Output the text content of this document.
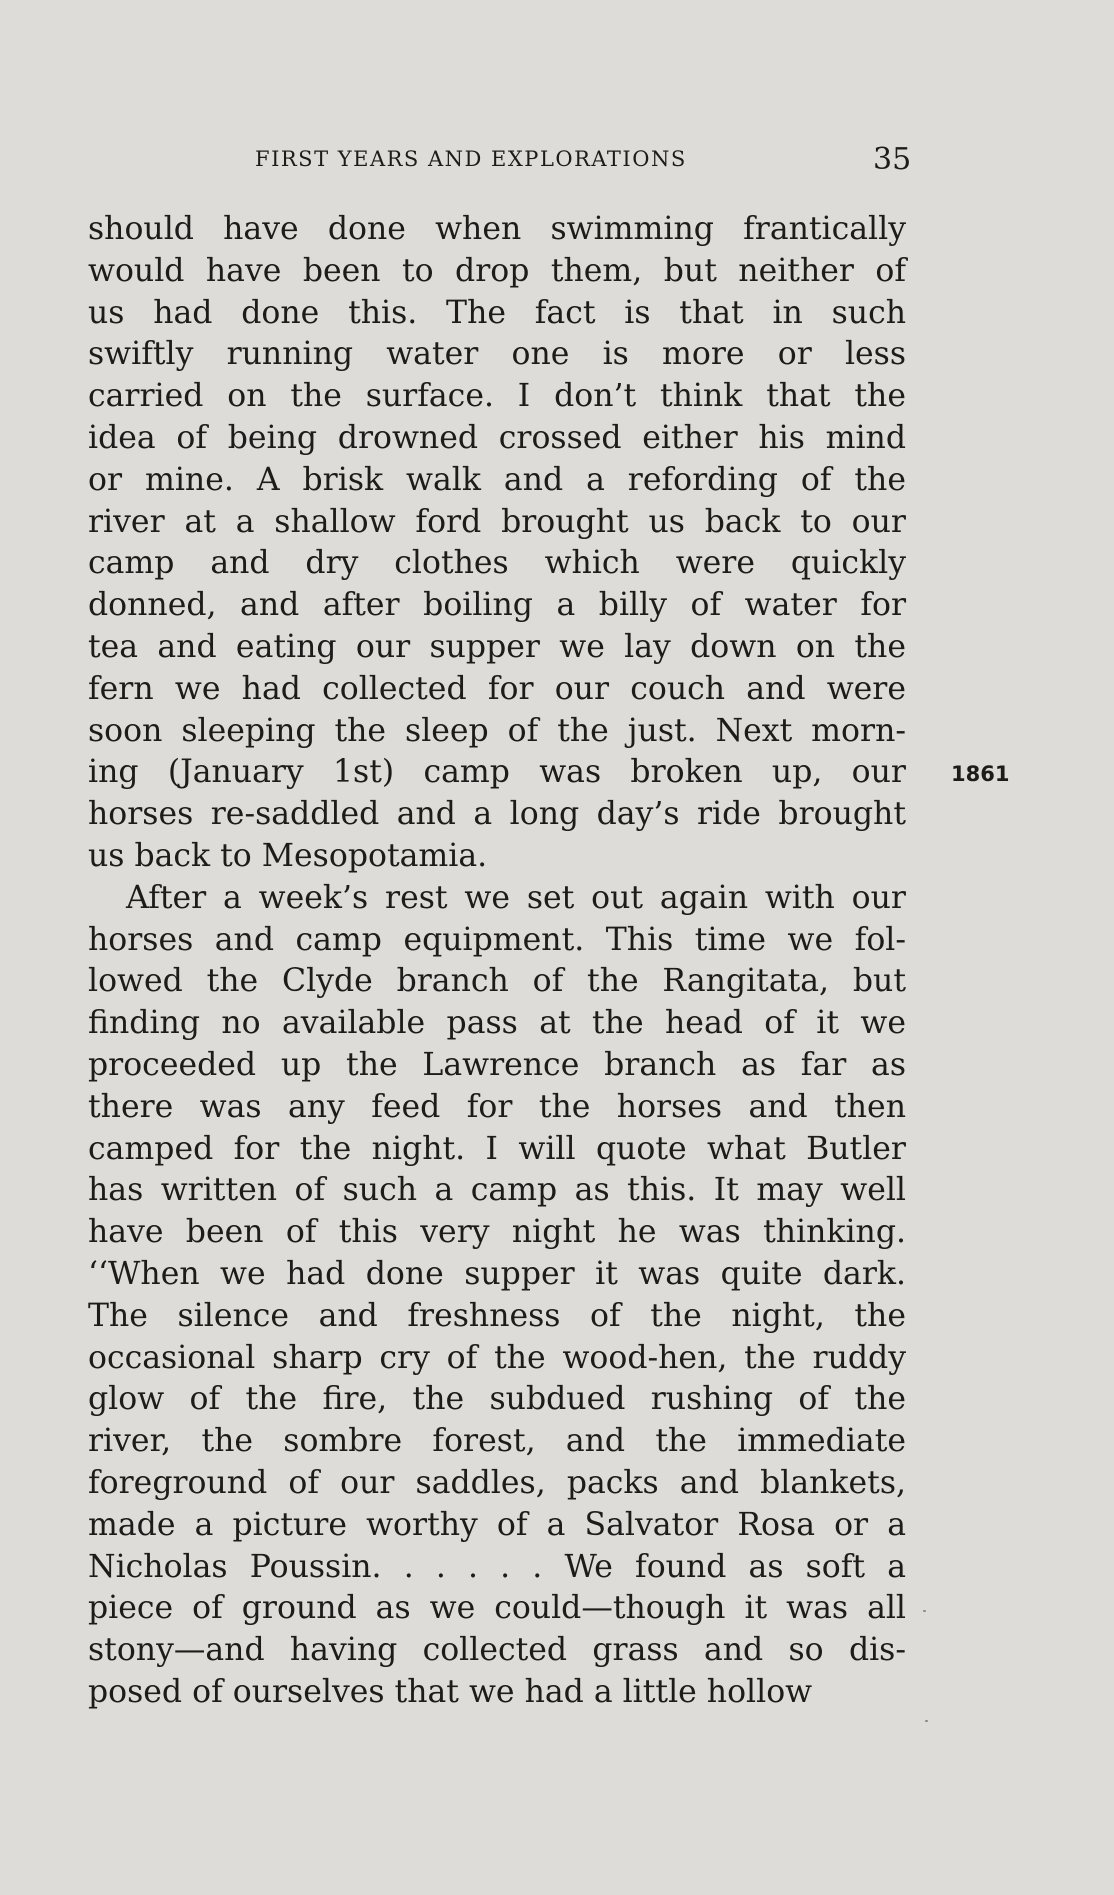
FIRST YEARS AND EXPLORATIONS	35
should have done when swimming frantically
would have been to drop them, but neither of
us had done this. The fact is that in such
swiftly running water one is more or less
carried on the surface. I don’t think that the
idea of being drowned crossed either his mind
or mine. A brisk walk and a refording of the
river at a shallow ford brought us back to our
camp and dry clothes which were quickly
donned, and after boiling a billy of water for
tea and eating our supper we lay down on the
fern we had collected for our couch and were
soon sleeping the sleep of the just. Next morn-
ing (January 1st) camp was broken up, our
horses re-saddled and a long day’s ride brought
us back to Mesopotamia.
After a week’s rest we set out again with our
horses and camp equipment. This time we fol-
lowed the Clyde branch of the Rangitata, but
finding no available pass at the head of it we
proceeded up the Lawrence branch as far as
there was any feed for the horses and then
camped for the night. I will quote what Butler
has written of such a camp as this. It may well
have been of this very night he was thinking.
‘‘When we had done supper it was quite dark.
The silence and freshness of the night, the
occasional sharp cry of the wood-hen, the ruddy
glow of the fire, the subdued rushing of the
river, the sombre forest, and the immediate
foreground of our saddles, packs and blankets,
made a picture worthy of a Salvator Rosa or a
Nicholas Poussin. . . . . . We found as soft a
piece of ground as we could—though it was all
stony—and having collected grass and so dis-
posed of ourselves that we had a little hollow
1861
